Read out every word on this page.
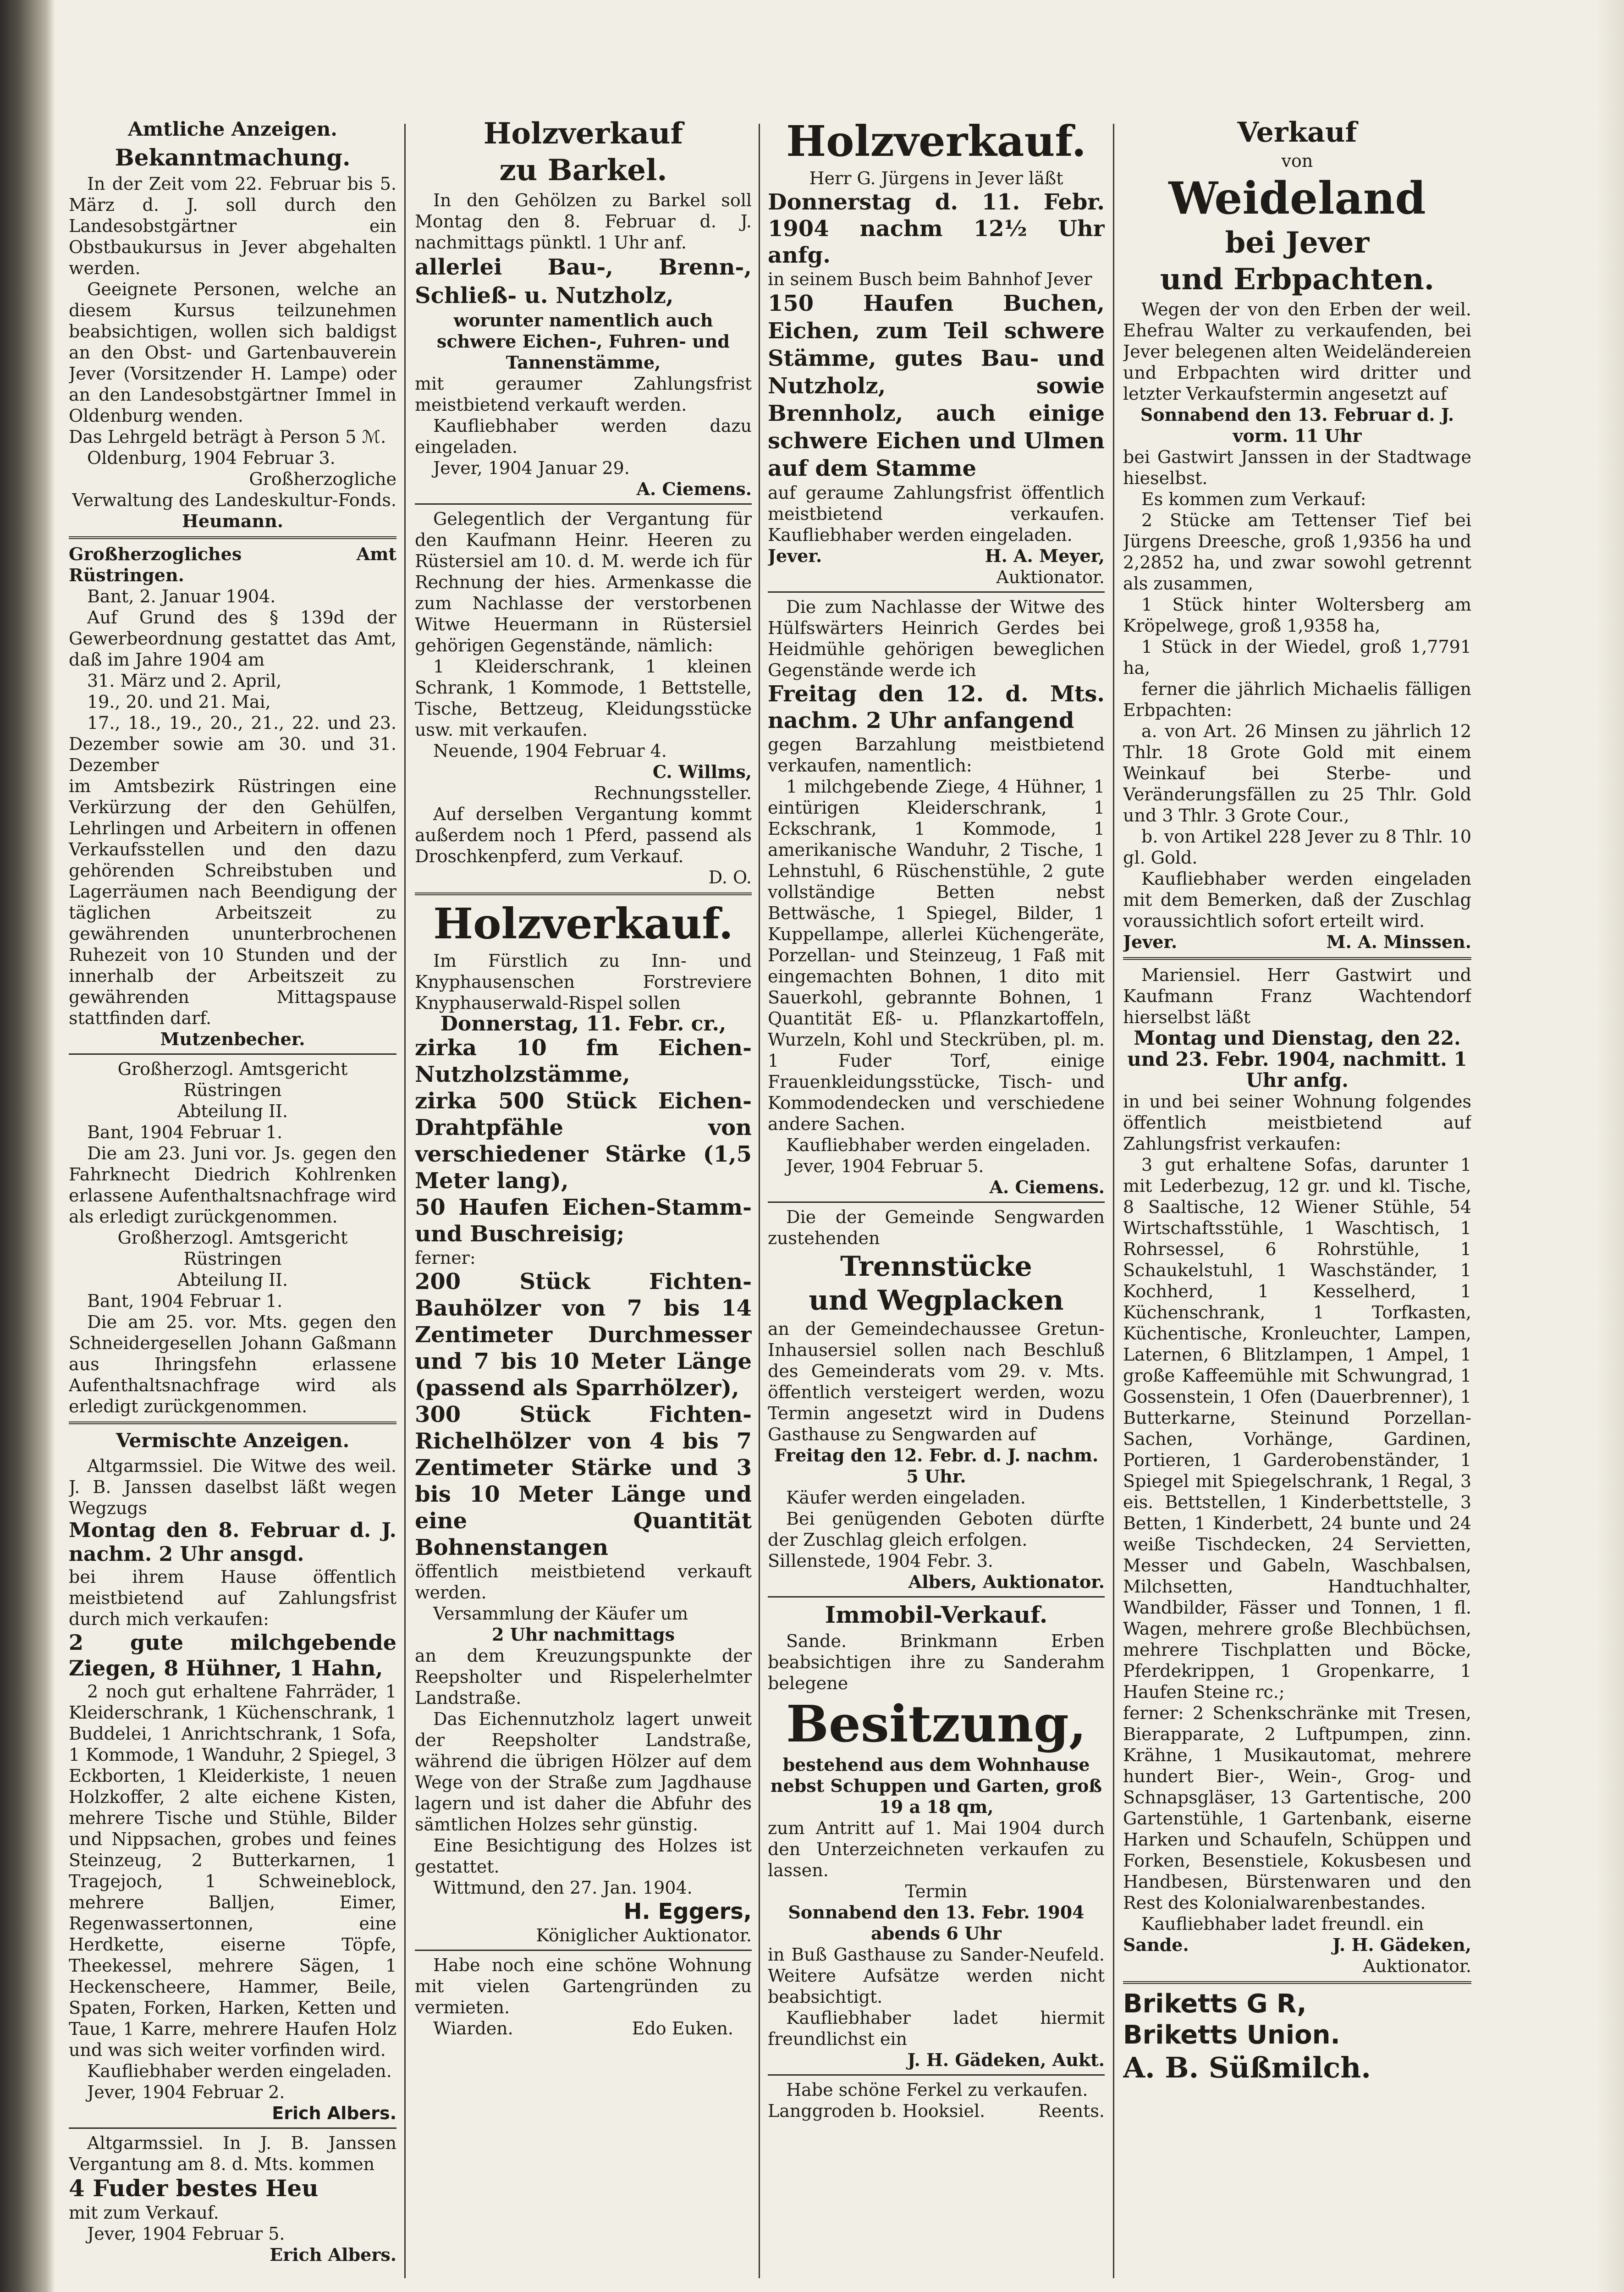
Amtliche Anzeigen.
Bekanntmachung.

In der Zeit vom 22. Februar bis 5. März d. J. soll durch den Landesobstgärtner ein Obstbaukursus in Jever abgehalten werden.

Geeignete Personen, welche an diesem Kursus teilzunehmen beabsichtigen, wollen sich baldigst an den Obst- und Gartenbauverein Jever (Vorsitzender H. Lampe) oder an den Landesobstgärtner Immel in Oldenburg wenden.

Das Lehrgeld beträgt à Person 5 ℳ.

Oldenburg, 1904 Februar 3.

Großherzogliche

Verwaltung des Landeskultur-Fonds.

Heumann.

Großherzogliches Amt Rüstringen.

Bant, 2. Januar 1904.

Auf Grund des § 139d der Gewerbeordnung gestattet das Amt, daß im Jahre 1904 am

31. März und 2. April,

19., 20. und 21. Mai,

17., 18., 19., 20., 21., 22. und 23. Dezember sowie am 30. und 31. Dezember

im Amtsbezirk Rüstringen eine Verkürzung der den Gehülfen, Lehrlingen und Arbeitern in offenen Verkaufsstellen und den dazu gehörenden Schreibstuben und Lagerräumen nach Beendigung der täglichen Arbeitszeit zu gewährenden ununterbrochenen Ruhezeit von 10 Stunden und der innerhalb der Arbeitszeit zu gewährenden Mittagspause stattfinden darf.

Mutzenbecher.

Großherzogl. Amtsgericht Rüstringen

Abteilung II.

Bant, 1904 Februar 1.

Die am 23. Juni vor. Js. gegen den Fahrknecht Diedrich Kohlrenken erlassene Aufenthaltsnachfrage wird als erledigt zurückgenommen.

Großherzogl. Amtsgericht Rüstringen

Abteilung II.

Bant, 1904 Februar 1.

Die am 25. vor. Mts. gegen den Schneidergesellen Johann Gaßmann aus Ihringsfehn erlassene Aufenthaltsnachfrage wird als erledigt zurückgenommen.

Vermischte Anzeigen.

Altgarmssiel. Die Witwe des weil. J. B. Janssen daselbst läßt wegen Wegzugs

Montag den 8. Februar d. J. nachm. 2 Uhr ansgd.

bei ihrem Hause öffentlich meistbietend auf Zahlungsfrist durch mich verkaufen:

2 gute milchgebende Ziegen, 8 Hühner, 1 Hahn,

2 noch gut erhaltene Fahrräder, 1 Kleiderschrank, 1 Küchenschrank, 1 Buddelei, 1 Anrichtschrank, 1 Sofa, 1 Kommode, 1 Wanduhr, 2 Spiegel, 3 Eckborten, 1 Kleiderkiste, 1 neuen Holzkoffer, 2 alte eichene Kisten, mehrere Tische und Stühle, Bilder und Nippsachen, grobes und feines Steinzeug, 2 Butterkarnen, 1 Tragejoch, 1 Schweineblock, mehrere Balljen, Eimer, Regenwassertonnen, eine Herdkette, eiserne Töpfe, Theekessel, mehrere Sägen, 1 Heckenscheere, Hammer, Beile, Spaten, Forken, Harken, Ketten und Taue, 1 Karre, mehrere Haufen Holz und was sich weiter vorfinden wird.

Kaufliebhaber werden eingeladen.

Jever, 1904 Februar 2.

Erich Albers.

Altgarmssiel. In J. B. Janssen Vergantung am 8. d. Mts. kommen

4 Fuder bestes Heu

mit zum Verkauf.

Jever, 1904 Februar 5.

Erich Albers.

Holzverkauf
zu Barkel.

In den Gehölzen zu Barkel soll Montag den 8. Februar d. J. nachmittags pünktl. 1 Uhr anf.

allerlei Bau-, Brenn-, Schließ- u. Nutzholz,

worunter namentlich auch schwere Eichen-, Fuhren- und Tannenstämme,

mit geraumer Zahlungsfrist meistbietend verkauft werden.

Kaufliebhaber werden dazu eingeladen.

Jever, 1904 Januar 29.

A. Ciemens.

Gelegentlich der Vergantung für den Kaufmann Heinr. Heeren zu Rüstersiel am 10. d. M. werde ich für Rechnung der hies. Armenkasse die zum Nachlasse der verstorbenen Witwe Heuermann in Rüstersiel gehörigen Gegenstände, nämlich:

1 Kleiderschrank, 1 kleinen Schrank, 1 Kommode, 1 Bettstelle, Tische, Bettzeug, Kleidungsstücke usw. mit verkaufen.

Neuende, 1904 Februar 4.

C. Willms,

Rechnungssteller.

Auf derselben Vergantung kommt außerdem noch 1 Pferd, passend als Droschkenpferd, zum Verkauf.

D. O.

Holzverkauf.

Im Fürstlich zu Inn- und Knyphausenschen Forstreviere Knyphauserwald-Rispel sollen

Donnerstag, 11. Febr. cr.,

zirka 10 fm Eichen-Nutzholzstämme,

zirka 500 Stück Eichen-Drahtpfähle von verschiedener Stärke (1,5 Meter lang),

50 Haufen Eichen-Stamm- und Buschreisig;

ferner:

200 Stück Fichten-Bauhölzer von 7 bis 14 Zentimeter Durchmesser und 7 bis 10 Meter Länge (passend als Sparrhölzer),

300 Stück Fichten-Richelhölzer von 4 bis 7 Zentimeter Stärke und 3 bis 10 Meter Länge und eine Quantität Bohnenstangen

öffentlich meistbietend verkauft werden.

Versammlung der Käufer um

2 Uhr nachmittags

an dem Kreuzungspunkte der Reepsholter und Rispelerhelmter Landstraße.

Das Eichennutzholz lagert unweit der Reepsholter Landstraße, während die übrigen Hölzer auf dem Wege von der Straße zum Jagdhause lagern und ist daher die Abfuhr des sämtlichen Holzes sehr günstig.

Eine Besichtigung des Holzes ist gestattet.

Wittmund, den 27. Jan. 1904.

H. Eggers,

Königlicher Auktionator.

Habe noch eine schöne Wohnung mit vielen Gartengründen zu vermieten.

Wiarden.	Edo Euken.
Holzverkauf.

Herr G. Jürgens in Jever läßt

Donnerstag d. 11. Febr. 1904 nachm 12½ Uhr anfg.

in seinem Busch beim Bahnhof Jever

150 Haufen Buchen, Eichen, zum Teil schwere Stämme, gutes Bau- und Nutzholz, sowie Brennholz, auch einige schwere Eichen und Ulmen auf dem Stamme

auf geraume Zahlungsfrist öffentlich meistbietend verkaufen. Kaufliebhaber werden eingeladen.

Jever.	H. A. Meyer,

Auktionator.

Die zum Nachlasse der Witwe des Hülfswärters Heinrich Gerdes bei Heidmühle gehörigen beweglichen Gegenstände werde ich

Freitag den 12. d. Mts. nachm. 2 Uhr anfangend

gegen Barzahlung meistbietend verkaufen, namentlich:

1 milchgebende Ziege, 4 Hühner, 1 eintürigen Kleiderschrank, 1 Eckschrank, 1 Kommode, 1 amerikanische Wanduhr, 2 Tische, 1 Lehnstuhl, 6 Rüschenstühle, 2 gute vollständige Betten nebst Bettwäsche, 1 Spiegel, Bilder, 1 Kuppellampe, allerlei Küchengeräte, Porzellan- und Steinzeug, 1 Faß mit eingemachten Bohnen, 1 dito mit Sauerkohl, gebrannte Bohnen, 1 Quantität Eß- u. Pflanzkartoffeln, Wurzeln, Kohl und Steckrüben, pl. m. 1 Fuder Torf, einige Frauenkleidungsstücke, Tisch- und Kommodendecken und verschiedene andere Sachen.

Kaufliebhaber werden eingeladen.

Jever, 1904 Februar 5.

A. Ciemens.

Die der Gemeinde Sengwarden zustehenden

Trennstücke
und Wegplacken

an der Gemeindechaussee Gretun-Inhausersiel sollen nach Beschluß des Gemeinderats vom 29. v. Mts. öffentlich versteigert werden, wozu Termin angesetzt wird in Dudens Gasthause zu Sengwarden auf

Freitag den 12. Febr. d. J. nachm. 5 Uhr.

Käufer werden eingeladen.

Bei genügenden Geboten dürfte der Zuschlag gleich erfolgen.

Sillenstede, 1904 Febr. 3.

Albers, Auktionator.

Immobil-Verkauf.

Sande. Brinkmann Erben beabsichtigen ihre zu Sanderahm belegene

Besitzung,

bestehend aus dem Wohnhause nebst Schuppen und Garten, groß 19 a 18 qm,

zum Antritt auf 1. Mai 1904 durch den Unterzeichneten verkaufen zu lassen.

Termin

Sonnabend den 13. Febr. 1904 abends 6 Uhr

in Buß Gasthause zu Sander-Neufeld. Weitere Aufsätze werden nicht beabsichtigt.

Kaufliebhaber ladet hiermit freundlichst ein

J. H. Gädeken, Aukt.

Habe schöne Ferkel zu verkaufen.

Langgroden b. Hooksiel.	Reents.
Verkauf

von

Weideland
bei Jever
und Erbpachten.

Wegen der von den Erben der weil. Ehefrau Walter zu verkaufenden, bei Jever belegenen alten Weideländereien und Erbpachten wird dritter und letzter Verkaufstermin angesetzt auf

Sonnabend den 13. Februar d. J. vorm. 11 Uhr

bei Gastwirt Janssen in der Stadtwage hieselbst.

Es kommen zum Verkauf:

2 Stücke am Tettenser Tief bei Jürgens Dreesche, groß 1,9356 ha und 2,2852 ha, und zwar sowohl getrennt als zusammen,

1 Stück hinter Woltersberg am Kröpelwege, groß 1,9358 ha,

1 Stück in der Wiedel, groß 1,7791 ha,

ferner die jährlich Michaelis fälligen Erbpachten:

a. von Art. 26 Minsen zu jährlich 12 Thlr. 18 Grote Gold mit einem Weinkauf bei Sterbe- und Veränderungsfällen zu 25 Thlr. Gold und 3 Thlr. 3 Grote Cour.,

b. von Artikel 228 Jever zu 8 Thlr. 10 gl. Gold.

Kaufliebhaber werden eingeladen mit dem Bemerken, daß der Zuschlag voraussichtlich sofort erteilt wird.

Jever.	M. A. Minssen.

Mariensiel. Herr Gastwirt und Kaufmann Franz Wachtendorf hierselbst läßt

Montag und Dienstag, den 22. und 23. Febr. 1904, nachmitt. 1 Uhr anfg.

in und bei seiner Wohnung folgendes öffentlich meistbietend auf Zahlungsfrist verkaufen:

3 gut erhaltene Sofas, darunter 1 mit Lederbezug, 12 gr. und kl. Tische, 8 Saaltische, 12 Wiener Stühle, 54 Wirtschaftsstühle, 1 Waschtisch, 1 Rohrsessel, 6 Rohrstühle, 1 Schaukelstuhl, 1 Waschständer, 1 Kochherd, 1 Kesselherd, 1 Küchenschrank, 1 Torfkasten, Küchentische, Kronleuchter, Lampen, Laternen, 6 Blitzlampen, 1 Ampel, 1 große Kaffeemühle mit Schwungrad, 1 Gossenstein, 1 Ofen (Dauerbrenner), 1 Butterkarne, Steinund Porzellan-Sachen, Vorhänge, Gardinen, Portieren, 1 Garderobenständer, 1 Spiegel mit Spiegelschrank, 1 Regal, 3 eis. Bettstellen, 1 Kinderbettstelle, 3 Betten, 1 Kinderbett, 24 bunte und 24 weiße Tischdecken, 24 Servietten, Messer und Gabeln, Waschbalsen, Milchsetten, Handtuchhalter, Wandbilder, Fässer und Tonnen, 1 fl. Wagen, mehrere große Blechbüchsen, mehrere Tischplatten und Böcke, Pferdekrippen, 1 Gropenkarre, 1 Haufen Steine rc.;

ferner: 2 Schenkschränke mit Tresen, Bierapparate, 2 Luftpumpen, zinn. Krähne, 1 Musikautomat, mehrere hundert Bier-, Wein-, Grog- und Schnapsgläser, 13 Gartentische, 200 Gartenstühle, 1 Gartenbank, eiserne Harken und Schaufeln, Schüppen und Forken, Besenstiele, Kokusbesen und Handbesen, Bürstenwaren und den Rest des Kolonialwarenbestandes.

Kaufliebhaber ladet freundl. ein

Sande.	J. H. Gädeken,

Auktionator.

Briketts G R,

Briketts Union.

A. B. Süßmilch.
